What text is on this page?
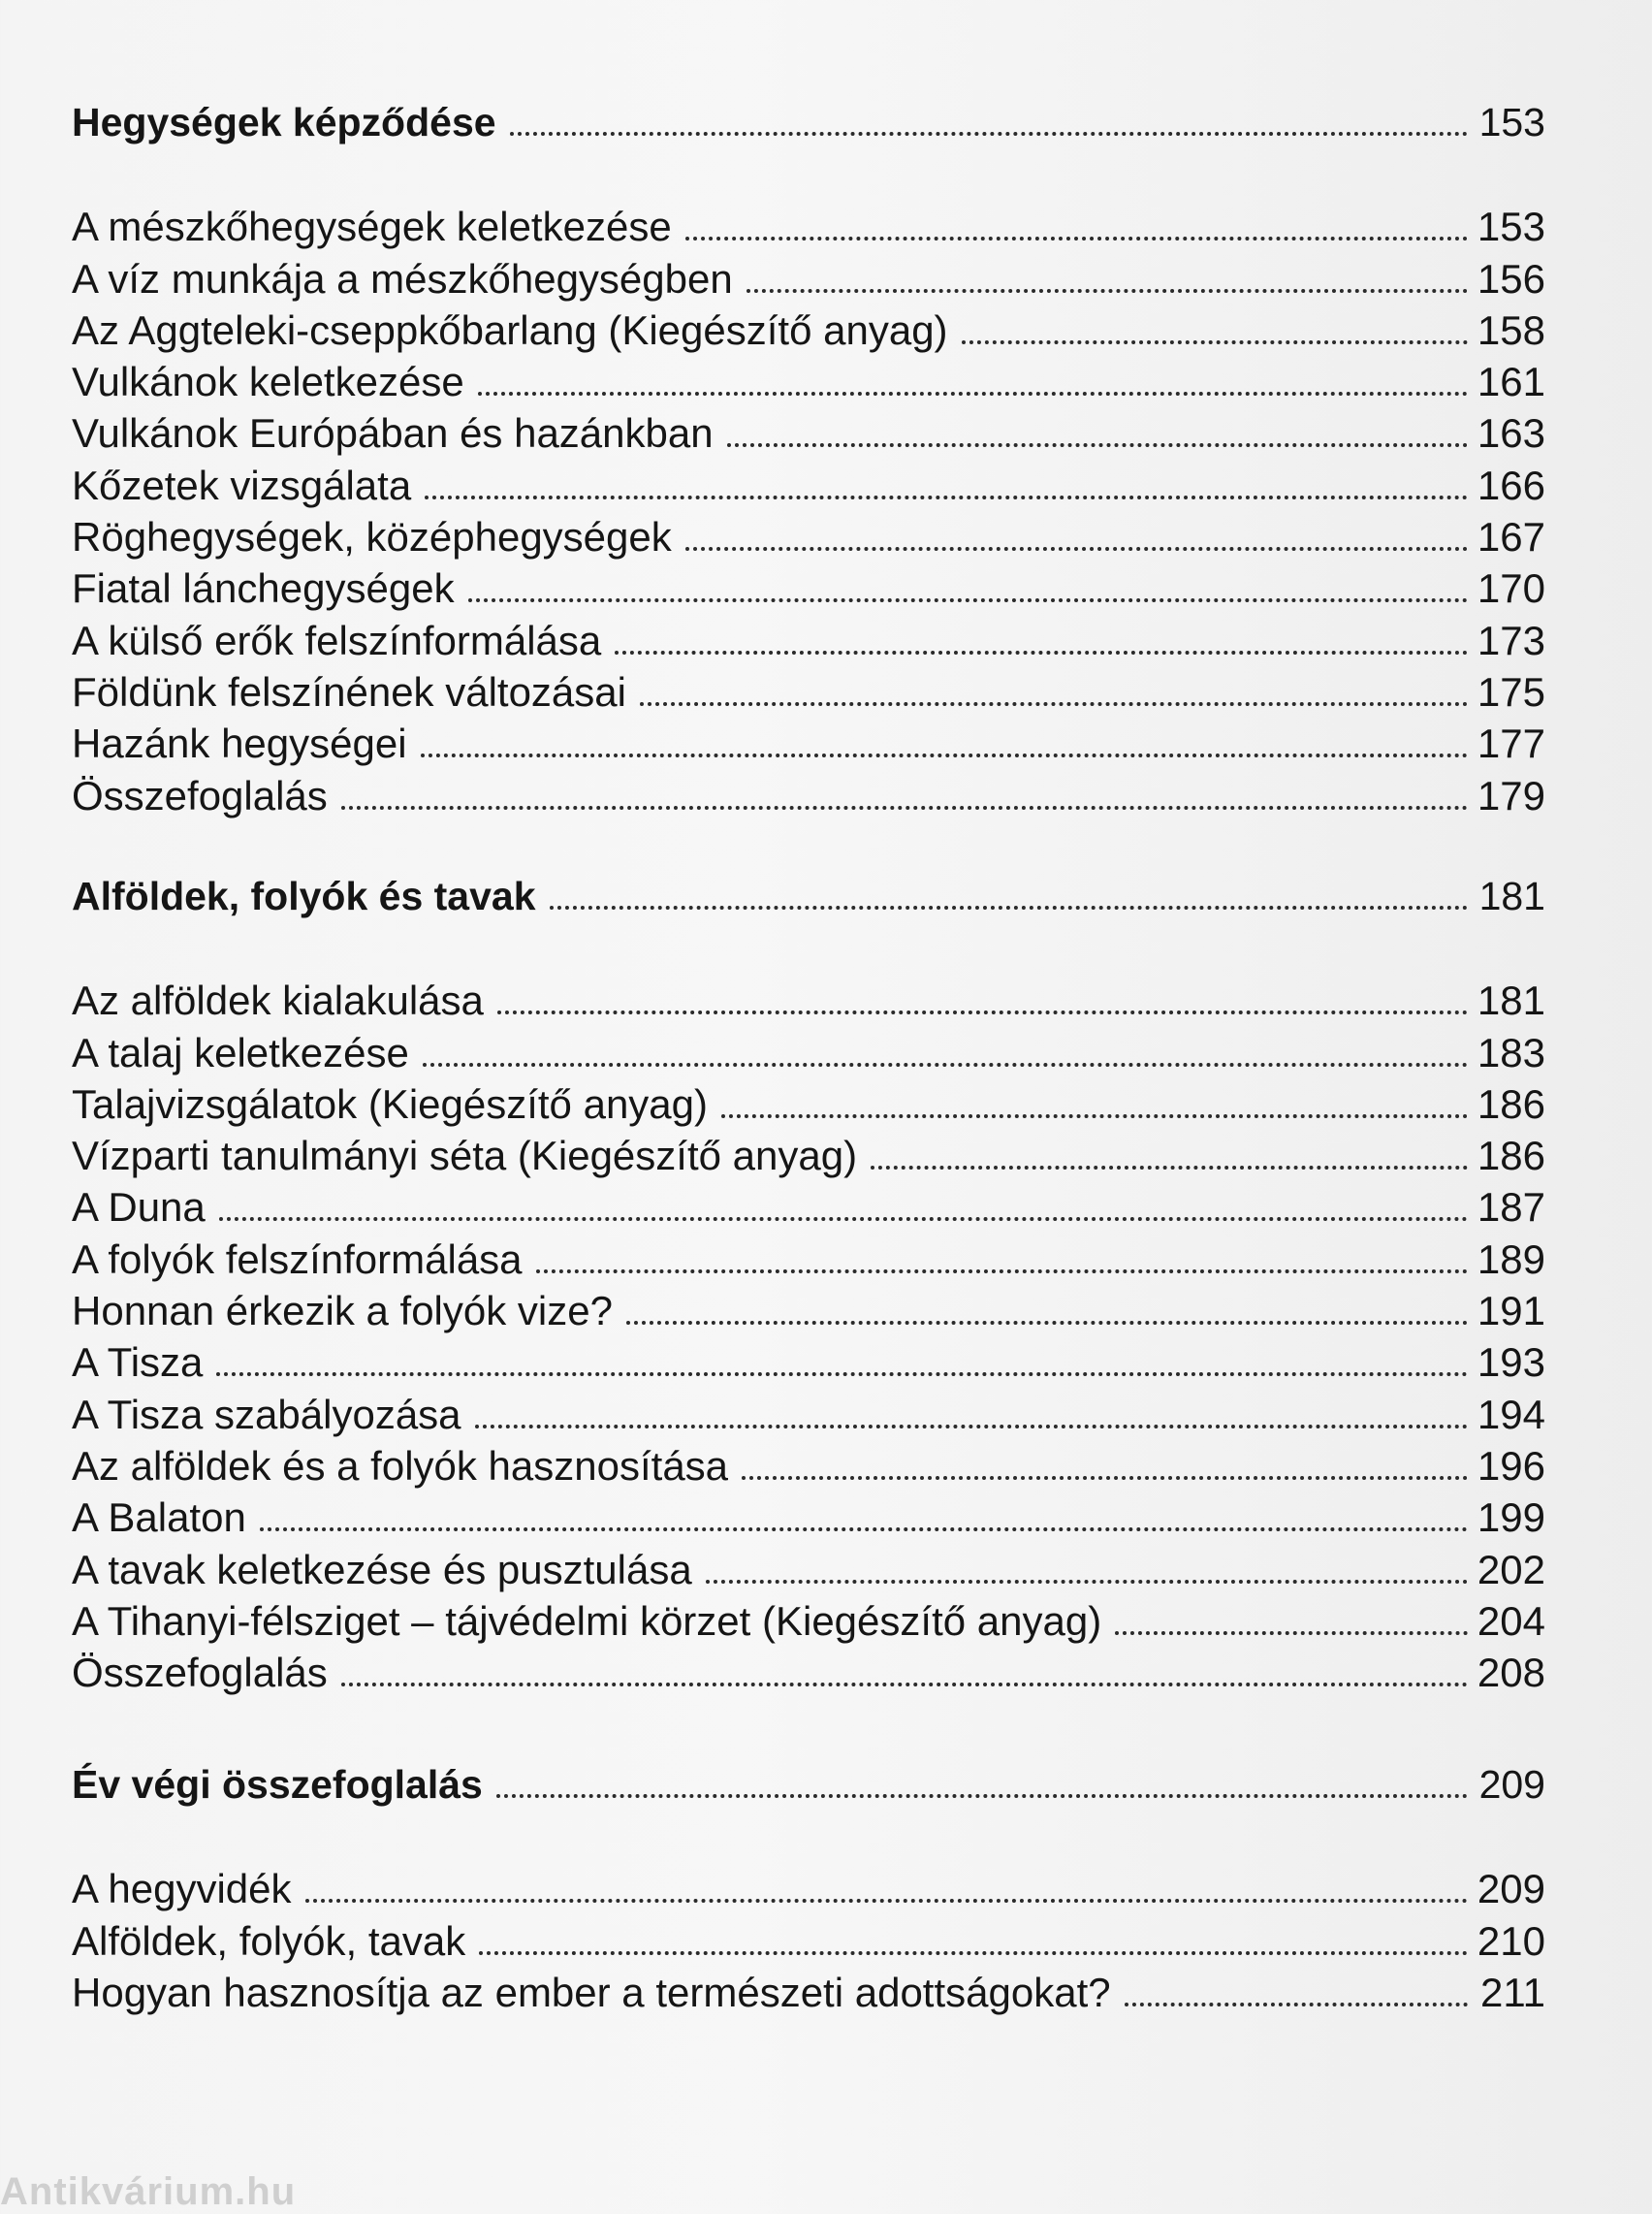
Hegységek képződése	153
A mészkőhegységek keletkezése	153
A víz munkája a mészkőhegységben	156
Az Aggteleki-cseppkőbarlang (Kiegészítő anyag)	158
Vulkánok keletkezése	161
Vulkánok Európában és hazánkban	163
Kőzetek vizsgálata	166
Röghegységek, középhegységek	167
Fiatal lánchegységek	170
A külső erők felszínformálása	173
Földünk felszínének változásai	175
Hazánk hegységei	177
Összefoglalás	179
Alföldek, folyók és tavak	181
Az alföldek kialakulása	181
A talaj keletkezése	183
Talajvizsgálatok (Kiegészítő anyag)	186
Vízparti tanulmányi séta (Kiegészítő anyag)	186
A Duna	187
A folyók felszínformálása	189
Honnan érkezik a folyók vize?	191
A Tisza	193
A Tisza szabályozása	194
Az alföldek és a folyók hasznosítása	196
A Balaton	199
A tavak keletkezése és pusztulása	202
A Tihanyi-félsziget – tájvédelmi körzet (Kiegészítő anyag)	204
Összefoglalás	208
Év végi összefoglalás	209
A hegyvidék	209
Alföldek, folyók, tavak	210
Hogyan hasznosítja az ember a természeti adottságokat?	211
Antikvárium.hu
